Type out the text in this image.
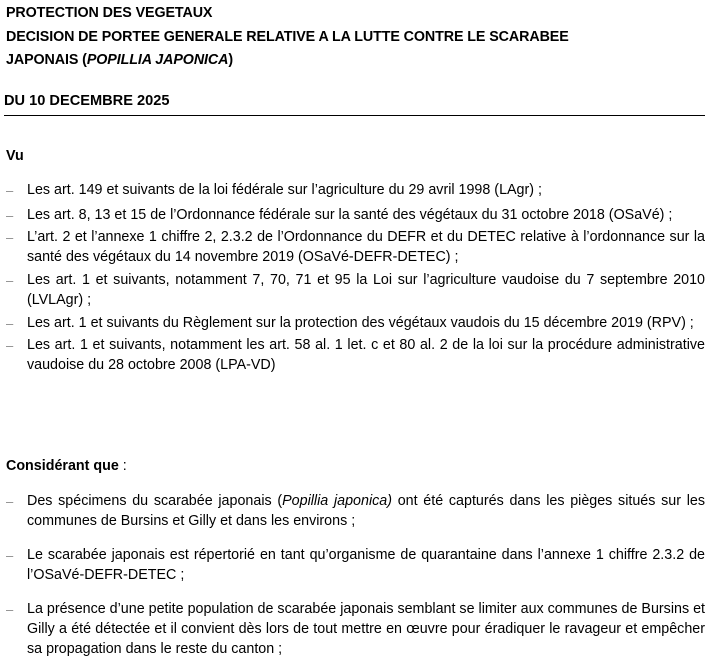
PROTECTION DES VEGETAUX
DECISION DE PORTEE GENERALE RELATIVE A LA LUTTE CONTRE LE SCARABEE
JAPONAIS (POPILLIA JAPONICA)
DU 10 DECEMBRE 2025
Vu
– Les art. 149 et suivants de la loi fédérale sur l’agriculture du 29 avril 1998 (LAgr) ;
– Les art. 8, 13 et 15 de l’Ordonnance fédérale sur la santé des végétaux du 31 octobre 2018 (OSaVé) ;
– L’art. 2 et l’annexe 1 chiffre 2, 2.3.2 de l’Ordonnance du DEFR et du DETEC relative à l’ordonnance sur la santé des végétaux du 14 novembre 2019 (OSaVé-DEFR-DETEC) ;
– Les art. 1 et suivants, notamment 7, 70, 71 et 95 la Loi sur l’agriculture vaudoise du 7 septembre 2010 (LVLAgr) ;
– Les art. 1 et suivants du Règlement sur la protection des végétaux vaudois du 15 décembre 2019 (RPV) ;
– Les art. 1 et suivants, notamment les art. 58 al. 1 let. c et 80 al. 2 de la loi sur la procédure administrative vaudoise du 28 octobre 2008 (LPA-VD)
Considérant que :
– Des spécimens du scarabée japonais (Popillia japonica) ont été capturés dans les pièges situés sur les communes de Bursins et Gilly et dans les environs ;
– Le scarabée japonais est répertorié en tant qu’organisme de quarantaine dans l’annexe 1 chiffre 2.3.2 de l’OSaVé-DEFR-DETEC ;
– La présence d’une petite population de scarabée japonais semblant se limiter aux communes de Bursins et Gilly a été détectée et il convient dès lors de tout mettre en œuvre pour éradiquer le ravageur et empêcher sa propagation dans le reste du canton ;
